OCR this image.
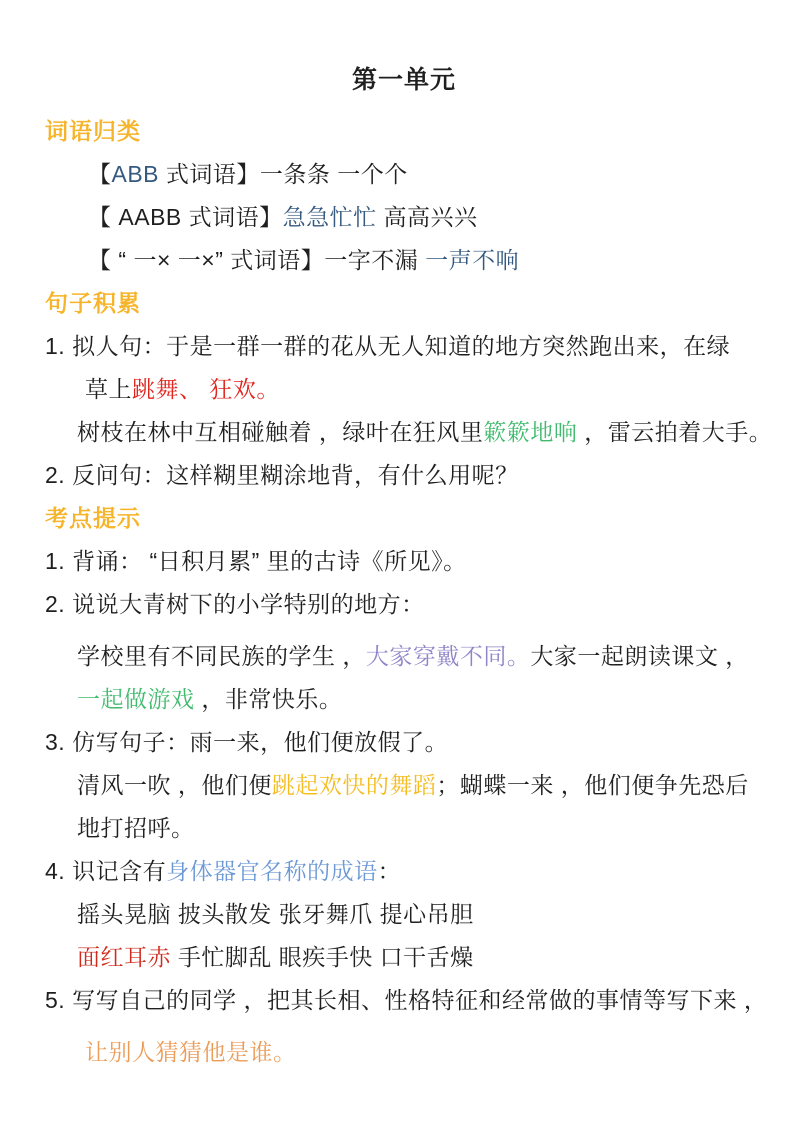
第一单元
词语归类
【ABB 式词语】一条条 一个个
【 AABB 式词语】急急忙忙 高高兴兴
【 “ 一× 一×” 式词语】一字不漏 一声不响
句子积累
1. 拟人句：于是一群一群的花从无人知道的地方突然跑出来，在绿
草上跳舞、 狂欢。
树枝在林中互相碰触着 ，绿叶在狂风里簌簌地响 ，雷云拍着大手。
2. 反问句：这样糊里糊涂地背，有什么用呢？
考点提示
1. 背诵： “日积月累” 里的古诗《所见》。
2. 说说大青树下的小学特别的地方：
学校里有不同民族的学生 ，大家穿戴不同。大家一起朗读课文 ，
一起做游戏 ，非常快乐。
3. 仿写句子：雨一来，他们便放假了。
清风一吹 ，他们便跳起欢快的舞蹈；蝴蝶一来 ，他们便争先恐后
地打招呼。
4. 识记含有身体器官名称的成语：
摇头晃脑 披头散发 张牙舞爪 提心吊胆
面红耳赤 手忙脚乱 眼疾手快 口干舌燥
5. 写写自己的同学 ，把其长相、性格特征和经常做的事情等写下来 ，
让别人猜猜他是谁。
